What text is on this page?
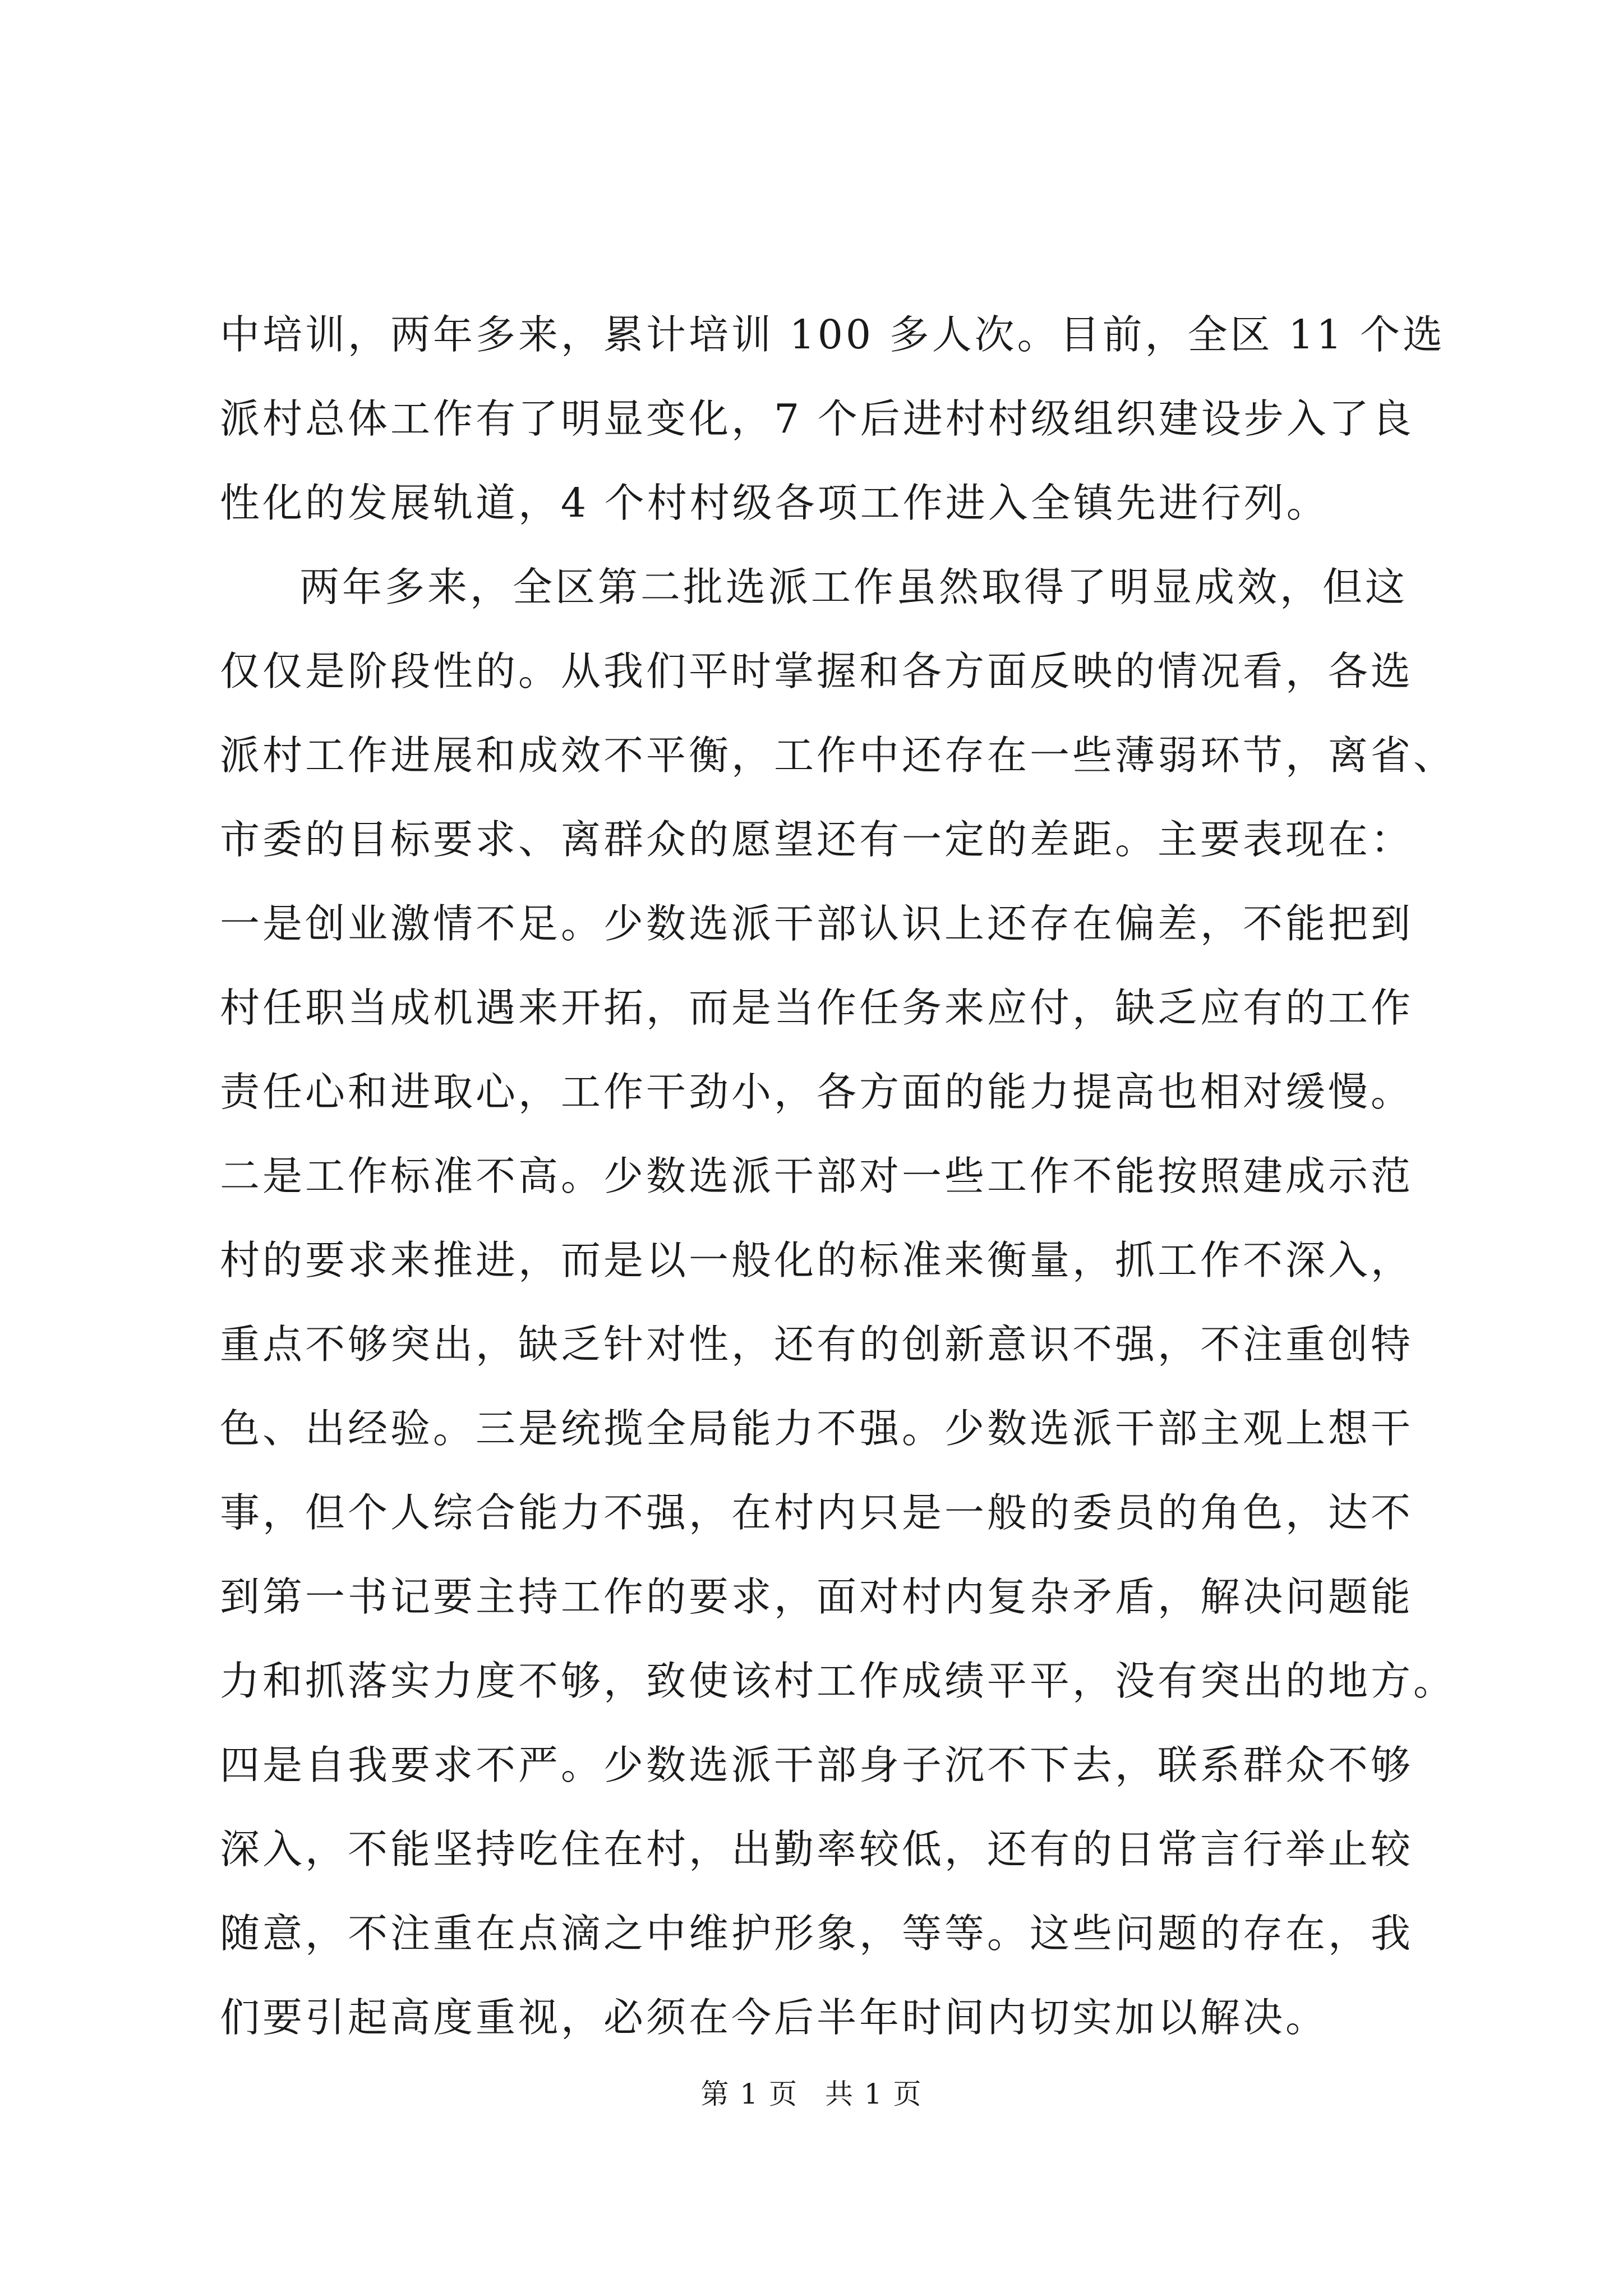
中培训，两年多来，累计培训 100 多人次。目前，全区 11 个选
派村总体工作有了明显变化，7 个后进村村级组织建设步入了良
性化的发展轨道，4 个村村级各项工作进入全镇先进行列。
两年多来，全区第二批选派工作虽然取得了明显成效，但这
仅仅是阶段性的。从我们平时掌握和各方面反映的情况看，各选
派村工作进展和成效不平衡，工作中还存在一些薄弱环节，离省、
市委的目标要求、离群众的愿望还有一定的差距。主要表现在：
一是创业激情不足。少数选派干部认识上还存在偏差，不能把到
村任职当成机遇来开拓，而是当作任务来应付，缺乏应有的工作
责任心和进取心，工作干劲小，各方面的能力提高也相对缓慢。
二是工作标准不高。少数选派干部对一些工作不能按照建成示范
村的要求来推进，而是以一般化的标准来衡量，抓工作不深入，
重点不够突出，缺乏针对性，还有的创新意识不强，不注重创特
色、出经验。三是统揽全局能力不强。少数选派干部主观上想干
事，但个人综合能力不强，在村内只是一般的委员的角色，达不
到第一书记要主持工作的要求，面对村内复杂矛盾，解决问题能
力和抓落实力度不够，致使该村工作成绩平平，没有突出的地方。
四是自我要求不严。少数选派干部身子沉不下去，联系群众不够
深入，不能坚持吃住在村，出勤率较低，还有的日常言行举止较
随意，不注重在点滴之中维护形象，等等。这些问题的存在，我
们要引起高度重视，必须在今后半年时间内切实加以解决。
第 1 页 共 1 页
